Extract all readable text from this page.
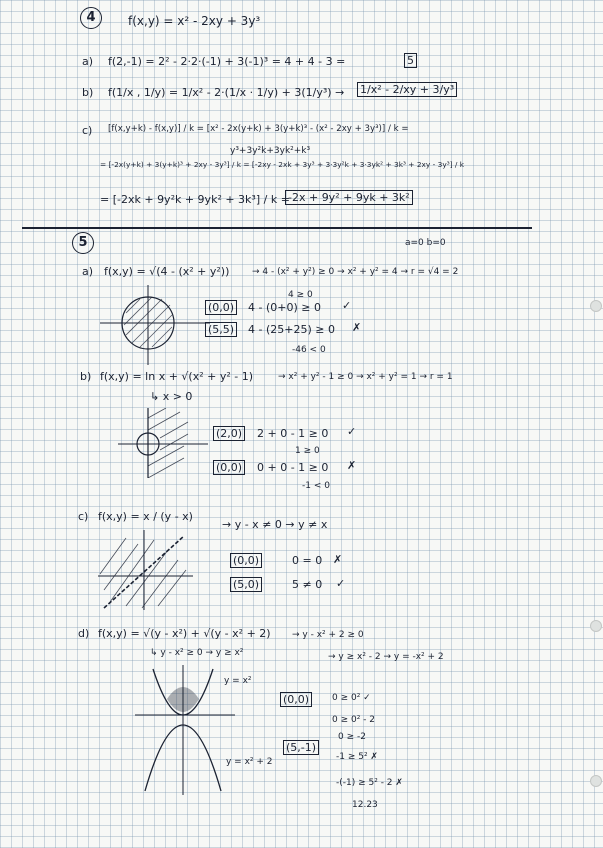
4	f(x,y) = x² - 2xy + 3y³
a) f(2,-1) = 2² - 2·2·(-1) + 3(-1)³ = 4 + 4 - 3 =	5
b) f(1/x , 1/y) = 1/x² - 2·(1/x · 1/y) + 3(1/y³) → 1/x² - 2/xy + 3/y³
c)
y³+3y²k+3yk²+k³
[f(x,y+k) - f(x,y)] / k = [x² - 2x(y+k) + 3(y+k)³ - (x² - 2xy + 3y³)] / k =
= [-2x(y+k) + 3(y+k)³ + 2xy - 3y³] / k = [-2xy - 2xk + 3y³ + 3·3y²k + 3·3yk² + 3k³ + 2xy - 3y³] / k
= [-2xk + 9y²k + 9yk² + 3k³] / k =
-2x + 9y² + 9yk + 3k²
5	a=0 b=0
a) f(x,y) = √(4 - (x² + y²))	→ 4 - (x² + y²) ≥ 0 → x² + y² = 4 → r = √4 = 2
4 ≥ 0
(0,0) 4 - (0+0) ≥ 0 ✓
(5,5) 4 - (25+25) ≥ 0 ✗
-46 < 0
b) f(x,y) = ln x + √(x² + y² - 1)	→ x² + y² - 1 ≥ 0 → x² + y² = 1 → r = 1
↳ x > 0
(2,0) 2 + 0 - 1 ≥ 0 ✓
1 ≥ 0
(0,0) 0 + 0 - 1 ≥ 0 ✗
-1 < 0
c) f(x,y) = x / (y - x)
→ y - x ≠ 0 → y ≠ x
(0,0)	0 = 0 ✗
(5,0)	5 ≠ 0 ✓
d) f(x,y) = √(y - x²) + √(y - x² + 2) → y - x² + 2 ≥ 0
↳ y - x² ≥ 0 → y ≥ x²	→ y ≥ x² - 2 → y = -x² + 2
y = x²
y = x² + 2
(0,0)	0 ≥ 0² ✓
0 ≥ 0² - 2
0 ≥ -2
(5,-1)
-1 ≥ 5² ✗
-(-1) ≥ 5² - 2 ✗
12.23
